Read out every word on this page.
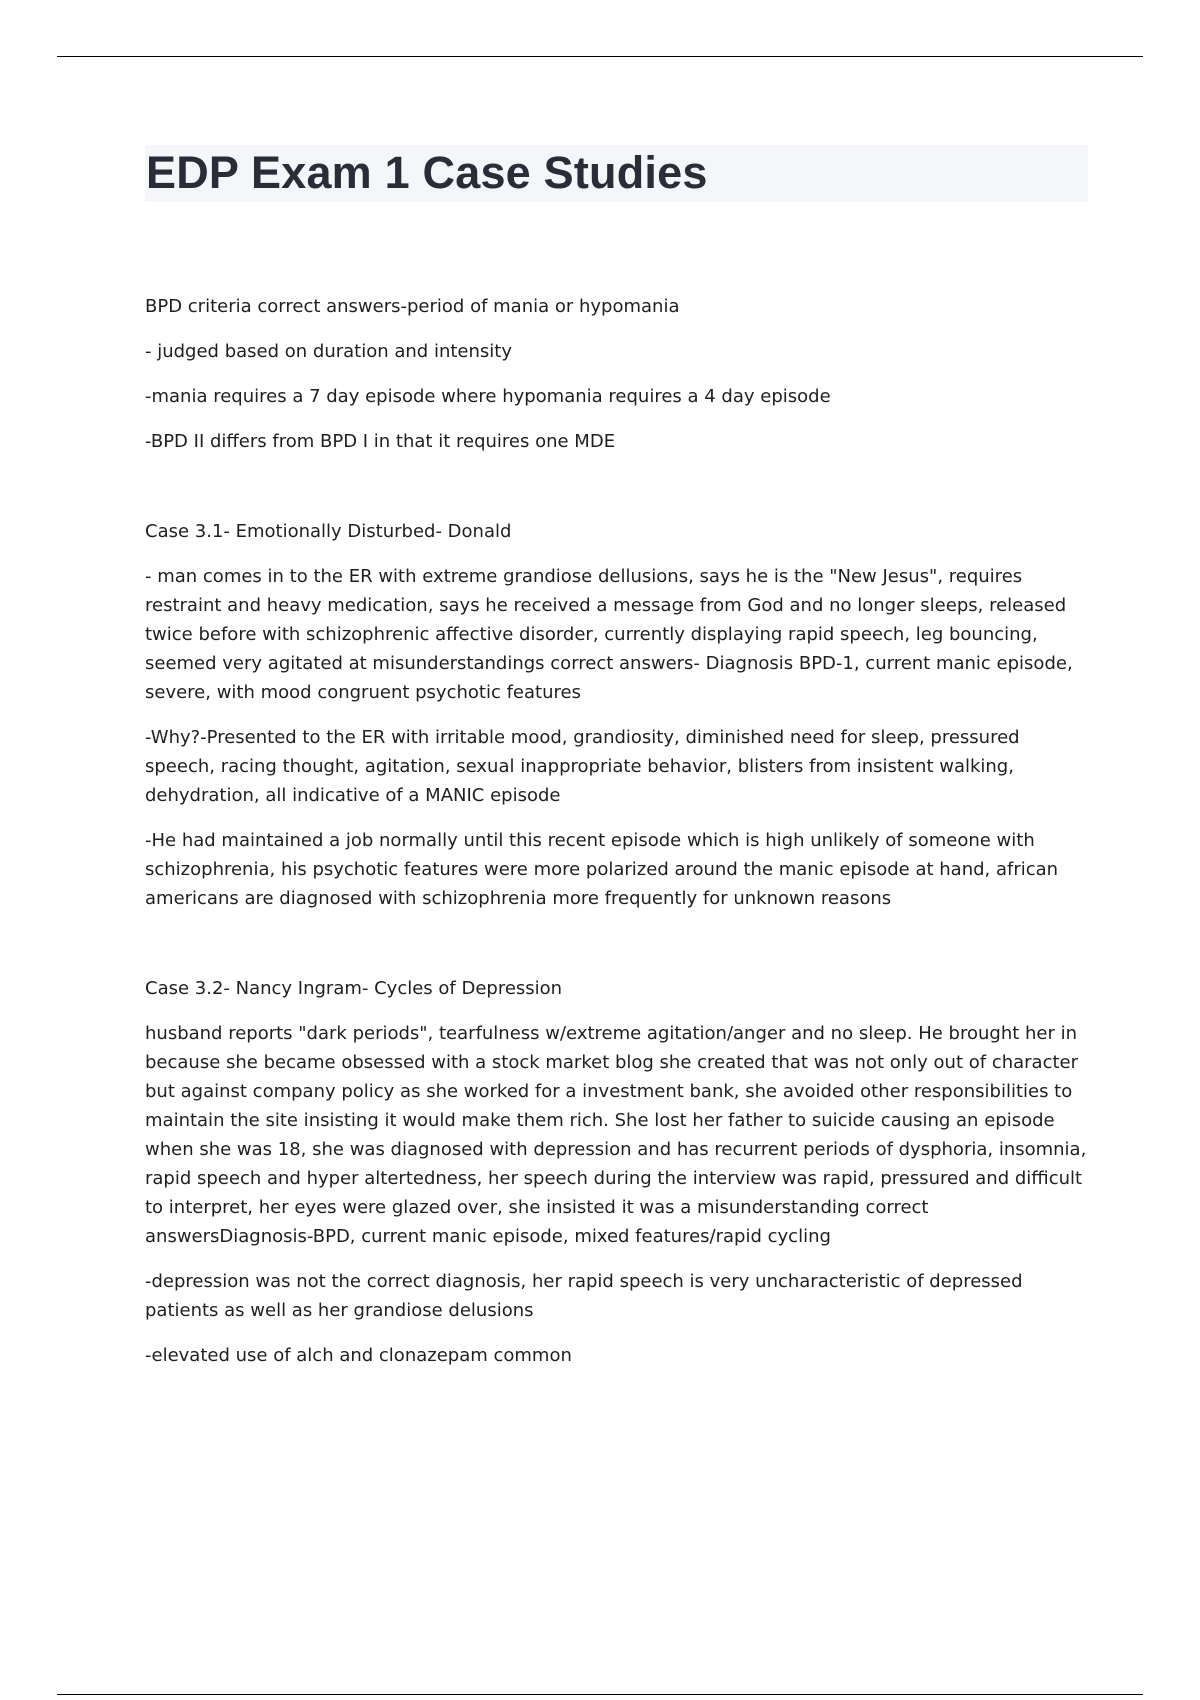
EDP Exam 1 Case Studies

BPD criteria correct answers-period of mania or hypomania

- judged based on duration and intensity

-mania requires a 7 day episode where hypomania requires a 4 day episode

-BPD II differs from BPD I in that it requires one MDE

Case 3.1- Emotionally Disturbed- Donald

- man comes in to the ER with extreme grandiose dellusions, says he is the "New Jesus", requires restraint and heavy medication, says he received a message from God and no longer sleeps, released twice before with schizophrenic affective disorder, currently displaying rapid speech, leg bouncing, seemed very agitated at misunderstandings correct answers- Diagnosis BPD-1, current manic episode, severe, with mood congruent psychotic features

-Why?-Presented to the ER with irritable mood, grandiosity, diminished need for sleep, pressured speech, racing thought, agitation, sexual inappropriate behavior, blisters from insistent walking, dehydration, all indicative of a MANIC episode

-He had maintained a job normally until this recent episode which is high unlikely of someone with schizophrenia, his psychotic features were more polarized around the manic episode at hand, african americans are diagnosed with schizophrenia more frequently for unknown reasons

Case 3.2- Nancy Ingram- Cycles of Depression

husband reports "dark periods", tearfulness w/extreme agitation/anger and no sleep. He brought her in because she became obsessed with a stock market blog she created that was not only out of character but against company policy as she worked for a investment bank, she avoided other responsibilities to maintain the site insisting it would make them rich. She lost her father to suicide causing an episode when she was 18, she was diagnosed with depression and has recurrent periods of dysphoria, insomnia, rapid speech and hyper altertedness, her speech during the interview was rapid, pressured and difficult to interpret, her eyes were glazed over, she insisted it was a misunderstanding correct answersDiagnosis-BPD, current manic episode, mixed features/rapid cycling

-depression was not the correct diagnosis, her rapid speech is very uncharacteristic of depressed patients as well as her grandiose delusions

-elevated use of alch and clonazepam common
